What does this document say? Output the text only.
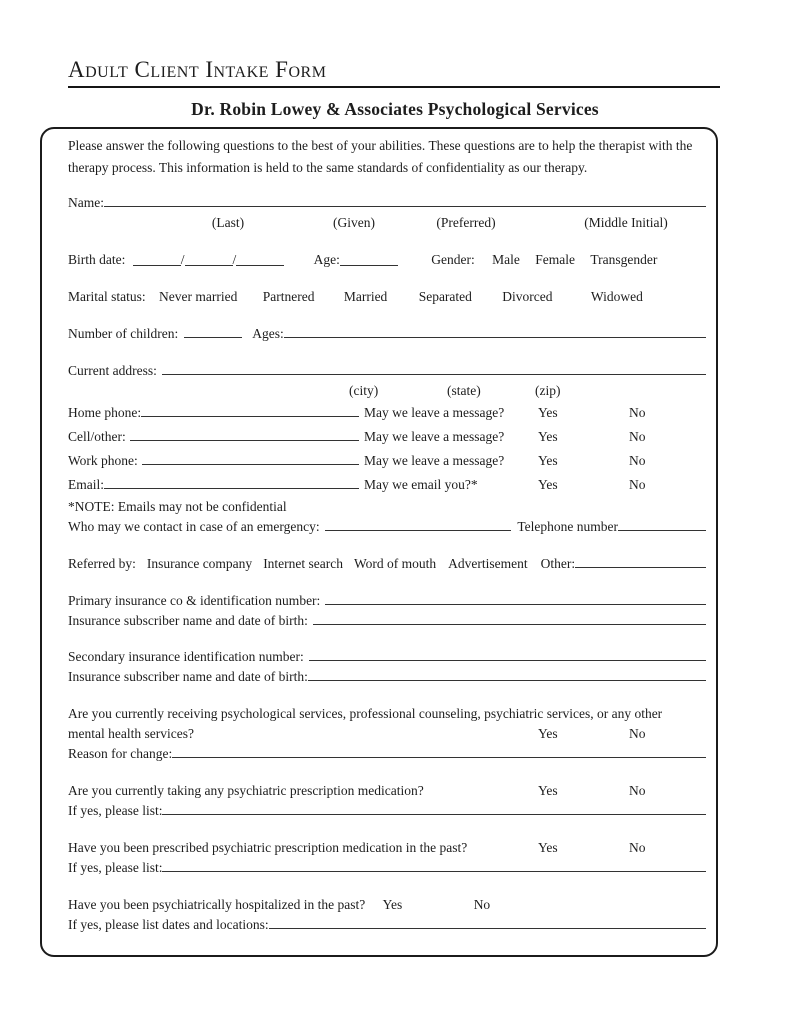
Adult Client Intake Form
Dr. Robin Lowey & Associates Psychological Services

Please answer the following questions to the best of your abilities. These questions are to help the therapist with the therapy process. This information is held to the same standards of confidentiality as our therapy.

Name:
(Last)	(Given)	(Preferred)	(Middle Initial)
Birth date:	/	/	Age:	Gender: Male Female Transgender
Marital status: Never married Partnered Married Separated Divorced	Widowed
Number of children:	Ages:
Current address:
(city)	(state)	(zip)
Home phone:	May we leave a message?	Yes	No
Cell/other:	May we leave a message?	Yes	No
Work phone:	May we leave a message?	Yes	No
Email:	May we email you?*	Yes	No
*NOTE: Emails may not be confidential
Who may we contact in case of an emergency:	Telephone number
Referred by: Insurance company Internet search Word of mouth Advertisement Other:
Primary insurance co & identification number:
Insurance subscriber name and date of birth:
Secondary insurance identification number:
Insurance subscriber name and date of birth:
Are you currently receiving psychological services, professional counseling, psychiatric services, or any other
mental health services?	Yes	No
Reason for change:
Are you currently taking any psychiatric prescription medication?	Yes	No
If yes, please list:
Have you been prescribed psychiatric prescription medication in the past?	Yes	No
If yes, please list:
Have you been psychiatrically hospitalized in the past? Yes	No
If yes, please list dates and locations:
